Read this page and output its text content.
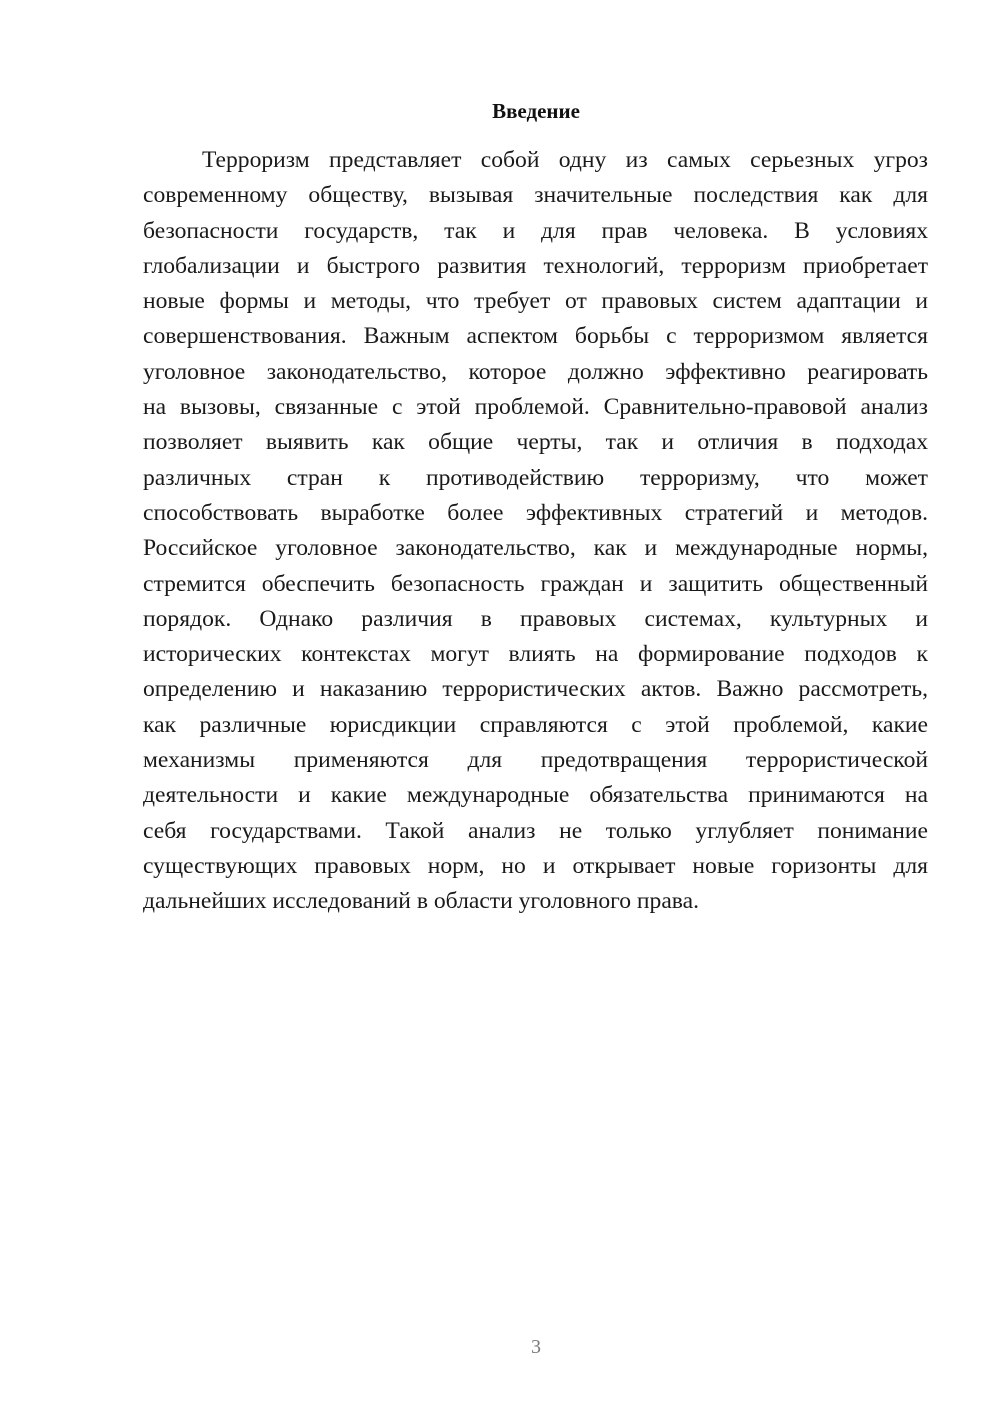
Введение
Терроризм представляет собой одну из самых серьезных угроз
современному обществу, вызывая значительные последствия как для
безопасности государств, так и для прав человека. В условиях
глобализации и быстрого развития технологий, терроризм приобретает
новые формы и методы, что требует от правовых систем адаптации и
совершенствования. Важным аспектом борьбы с терроризмом является
уголовное законодательство, которое должно эффективно реагировать
на вызовы, связанные с этой проблемой. Сравнительно-правовой анализ
позволяет выявить как общие черты, так и отличия в подходах
различных стран к противодействию терроризму, что может
способствовать выработке более эффективных стратегий и методов.
Российское уголовное законодательство, как и международные нормы,
стремится обеспечить безопасность граждан и защитить общественный
порядок. Однако различия в правовых системах, культурных и
исторических контекстах могут влиять на формирование подходов к
определению и наказанию террористических актов. Важно рассмотреть,
как различные юрисдикции справляются с этой проблемой, какие
механизмы применяются для предотвращения террористической
деятельности и какие международные обязательства принимаются на
себя государствами. Такой анализ не только углубляет понимание
существующих правовых норм, но и открывает новые горизонты для
дальнейших исследований в области уголовного права.
3
